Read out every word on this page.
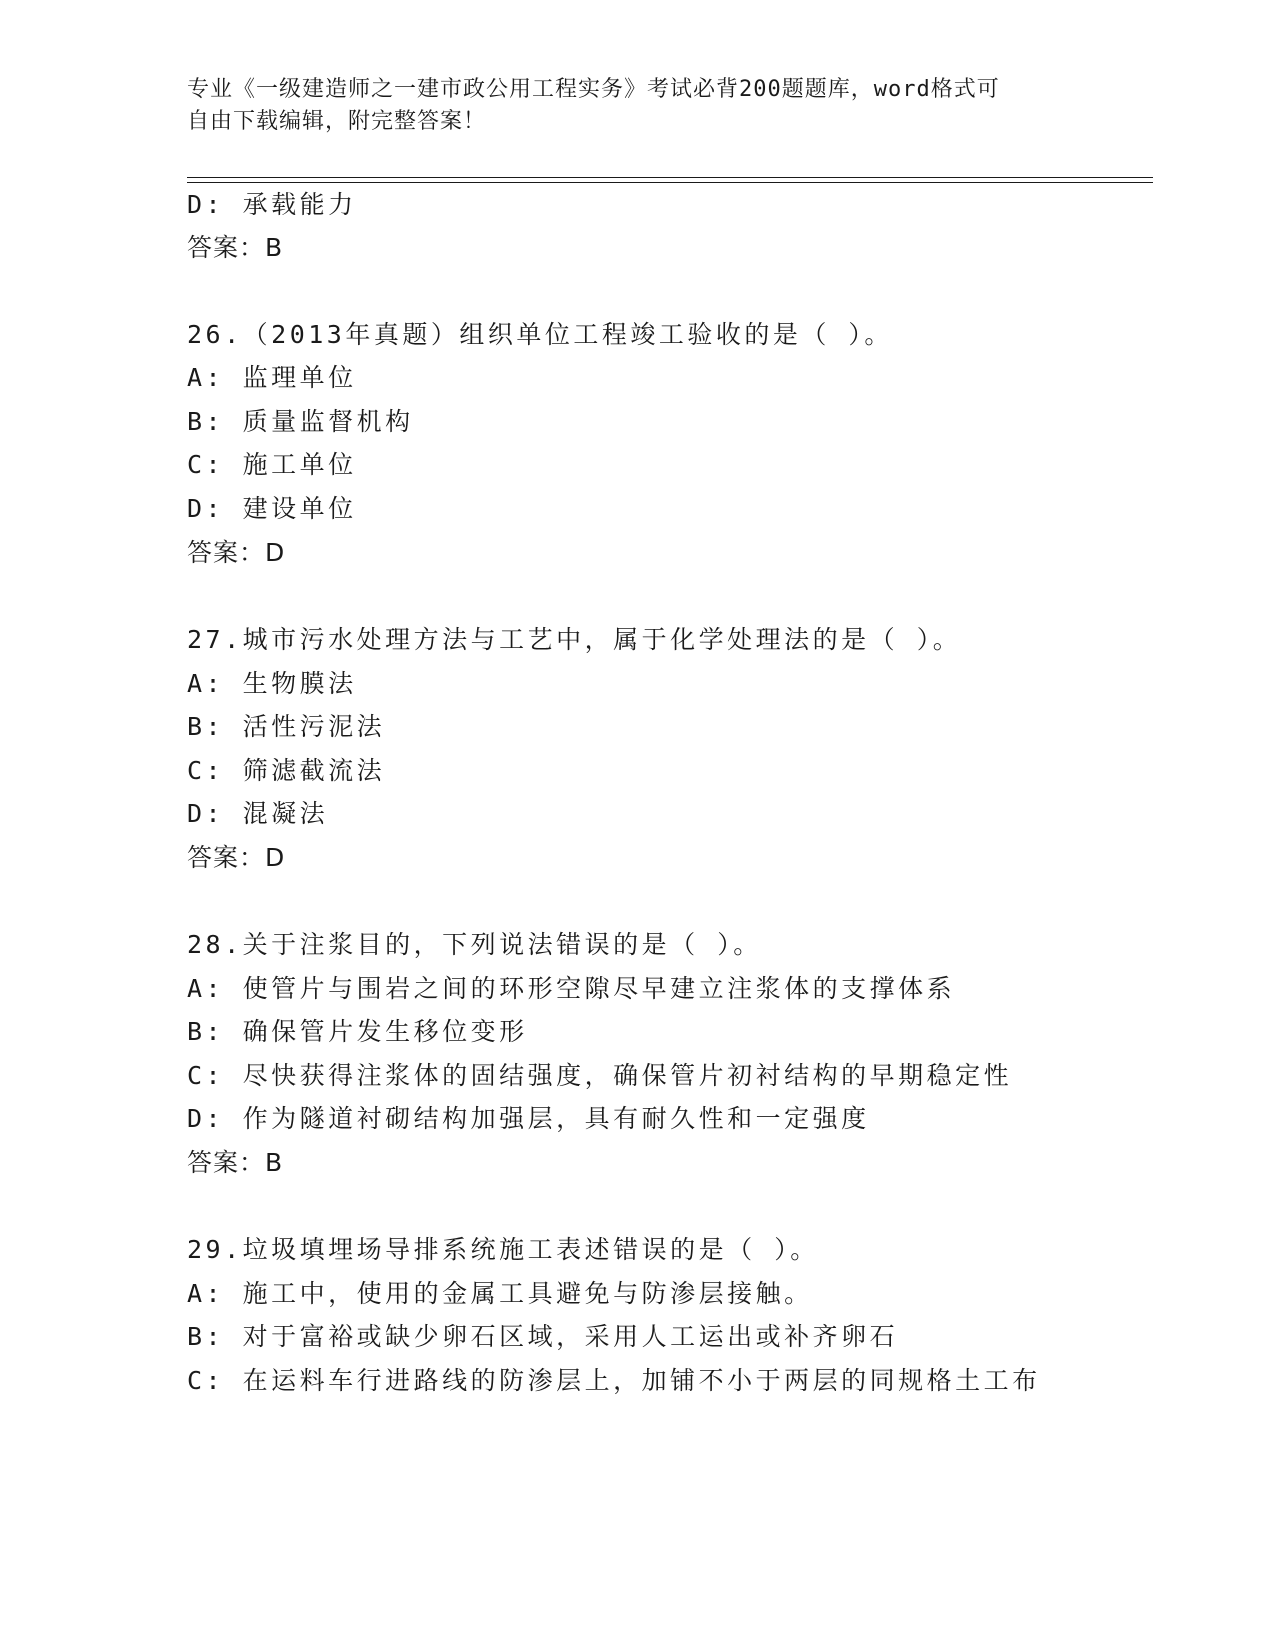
专业《一级建造师之一建市政公用工程实务》考试必背200题题库，word格式可
自由下载编辑，附完整答案！
D: 承载能力
答案：B
26.（2013年真题）组织单位工程竣工验收的是（ ）。
A: 监理单位
B: 质量监督机构
C: 施工单位
D: 建设单位
答案：D
27.城市污水处理方法与工艺中，属于化学处理法的是（ ）。
A: 生物膜法
B: 活性污泥法
C: 筛滤截流法
D: 混凝法
答案：D
28.关于注浆目的，下列说法错误的是（ ）。
A: 使管片与围岩之间的环形空隙尽早建立注浆体的支撑体系
B: 确保管片发生移位变形
C: 尽快获得注浆体的固结强度，确保管片初衬结构的早期稳定性
D: 作为隧道衬砌结构加强层，具有耐久性和一定强度
答案：B
29.垃圾填埋场导排系统施工表述错误的是（ ）。
A: 施工中，使用的金属工具避免与防渗层接触。
B: 对于富裕或缺少卵石区域，采用人工运出或补齐卵石
C: 在运料车行进路线的防渗层上，加铺不小于两层的同规格土工布
